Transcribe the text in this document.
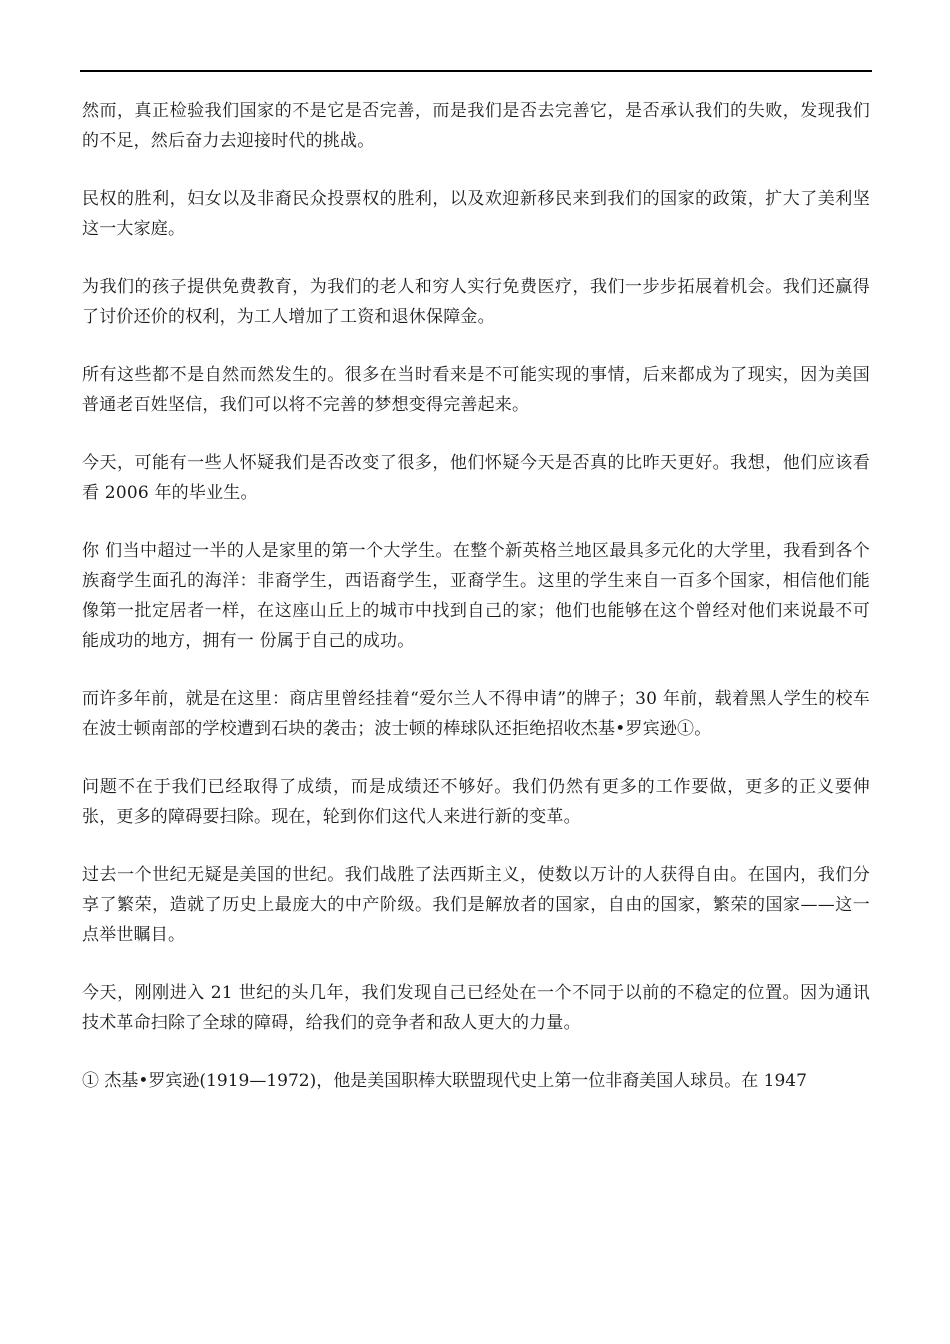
然而，真正检验我们国家的不是它是否完善，而是我们是否去完善它，是否承认我们的失败，发现我们的不足，然后奋力去迎接时代的挑战。

民权的胜利，妇女以及非裔民众投票权的胜利，以及欢迎新移民来到我们的国家的政策，扩大了美利坚这一大家庭。

为我们的孩子提供免费教育，为我们的老人和穷人实行免费医疗，我们一步步拓展着机会。我们还赢得了讨价还价的权利，为工人增加了工资和退休保障金。

所有这些都不是自然而然发生的。很多在当时看来是不可能实现的事情，后来都成为了现实，因为美国普通老百姓坚信，我们可以将不完善的梦想变得完善起来。

今天，可能有一些人怀疑我们是否改变了很多，他们怀疑今天是否真的比昨天更好。我想，他们应该看看 2006 年的毕业生。

你 们当中超过一半的人是家里的第一个大学生。在整个新英格兰地区最具多元化的大学里，我看到各个族裔学生面孔的海洋：非裔学生，西语裔学生，亚裔学生。这里的学生来自一百多个国家，相信他们能像第一批定居者一样，在这座山丘上的城市中找到自己的家；他们也能够在这个曾经对他们来说最不可能成功的地方，拥有一 份属于自己的成功。

而许多年前，就是在这里：商店里曾经挂着“爱尔兰人不得申请”的牌子；30 年前，载着黑人学生的校车在波士顿南部的学校遭到石块的袭击；波士顿的棒球队还拒绝招收杰基•罗宾逊①。

问题不在于我们已经取得了成绩，而是成绩还不够好。我们仍然有更多的工作要做，更多的正义要伸张，更多的障碍要扫除。现在，轮到你们这代人来进行新的变革。

过去一个世纪无疑是美国的世纪。我们战胜了法西斯主义，使数以万计的人获得自由。在国内，我们分享了繁荣，造就了历史上最庞大的中产阶级。我们是解放者的国家，自由的国家，繁荣的国家——这一点举世瞩目。

今天，刚刚进入 21 世纪的头几年，我们发现自己已经处在一个不同于以前的不稳定的位置。因为通讯技术革命扫除了全球的障碍，给我们的竞争者和敌人更大的力量。

① 杰基•罗宾逊(1919—1972)，他是美国职棒大联盟现代史上第一位非裔美国人球员。在 1947
